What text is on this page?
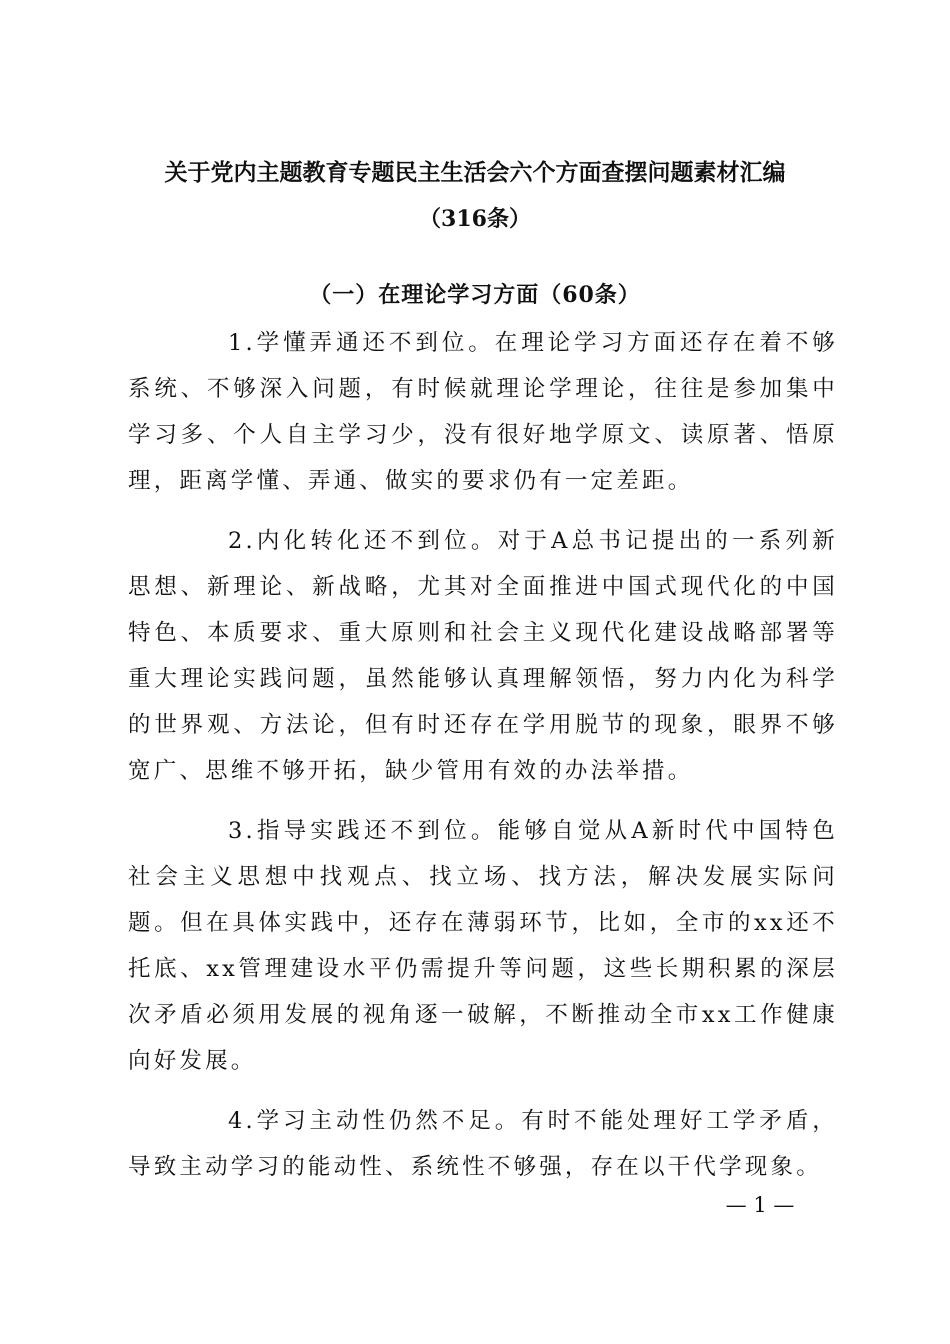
关于党内主题教育专题民主生活会六个方面查摆问题素材汇编
（316条）
（一）在理论学习方面（60条）

1.学懂弄通还不到位。在理论学习方面还存在着不够系统、不够深入问题，有时候就理论学理论，往往是参加集中学习多、个人自主学习少，没有很好地学原文、读原著、悟原理，距离学懂、弄通、做实的要求仍有一定差距。

2.内化转化还不到位。对于A总书记提出的一系列新思想、新理论、新战略，尤其对全面推进中国式现代化的中国特色、本质要求、重大原则和社会主义现代化建设战略部署等重大理论实践问题，虽然能够认真理解领悟，努力内化为科学的世界观、方法论，但有时还存在学用脱节的现象，眼界不够宽广、思维不够开拓，缺少管用有效的办法举措。

3.指导实践还不到位。能够自觉从A新时代中国特色社会主义思想中找观点、找立场、找方法，解决发展实际问题。但在具体实践中，还存在薄弱环节，比如，全市的xx还不托底、xx管理建设水平仍需提升等问题，这些长期积累的深层次矛盾必须用发展的视角逐一破解，不断推动全市xx工作健康向好发展。

4.学习主动性仍然不足。有时不能处理好工学矛盾，导致主动学习的能动性、系统性不够强，存在以干代学现象。

— 1 —
